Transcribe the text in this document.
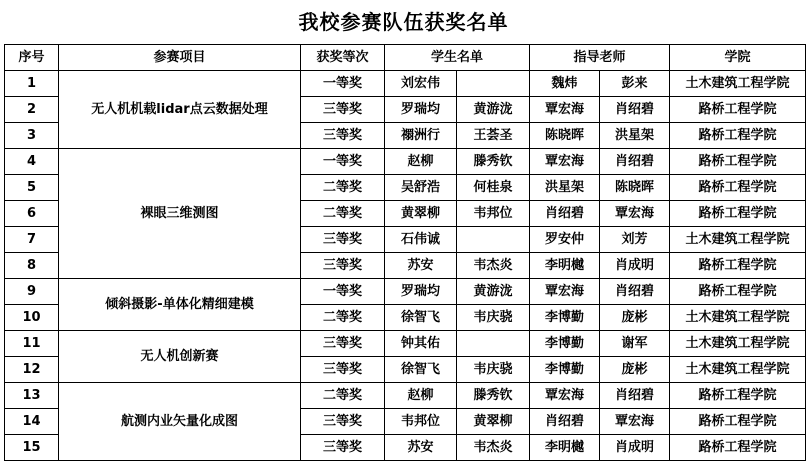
我校参赛队伍获奖名单
序号	参赛项目	获奖等次	学生名单		指导老师		学院
1	无人机机载lidar点云数据处理	一等奖	刘宏伟		魏炜	彭来	土木建筑工程学院
2		三等奖	罗瑞均	黄游泷	覃宏海	肖绍碧	路桥工程学院
3		三等奖	禤洲行	王荟圣	陈晓晖	洪星架	路桥工程学院
4	裸眼三维测图	一等奖	赵柳	滕秀钦	覃宏海	肖绍碧	路桥工程学院
5		二等奖	吴舒浩	何桂泉	洪星架	陈晓晖	路桥工程学院
6		二等奖	黄翠柳	韦邦位	肖绍碧	覃宏海	路桥工程学院
7		三等奖	石伟诚		罗安仲	刘芳	土木建筑工程学院
8		三等奖	苏安	韦杰炎	李明樾	肖成明	路桥工程学院
9	倾斜摄影-单体化精细建模	一等奖	罗瑞均	黄游泷	覃宏海	肖绍碧	路桥工程学院
10		二等奖	徐智飞	韦庆骁	李博勤	庞彬	土木建筑工程学院
11	无人机创新赛	三等奖	钟其佑		李博勤	谢军	土木建筑工程学院
12		三等奖	徐智飞	韦庆骁	李博勤	庞彬	土木建筑工程学院
13	航测内业矢量化成图	二等奖	赵柳	滕秀钦	覃宏海	肖绍碧	路桥工程学院
14		三等奖	韦邦位	黄翠柳	肖绍碧	覃宏海	路桥工程学院
15		三等奖	苏安	韦杰炎	李明樾	肖成明	路桥工程学院
